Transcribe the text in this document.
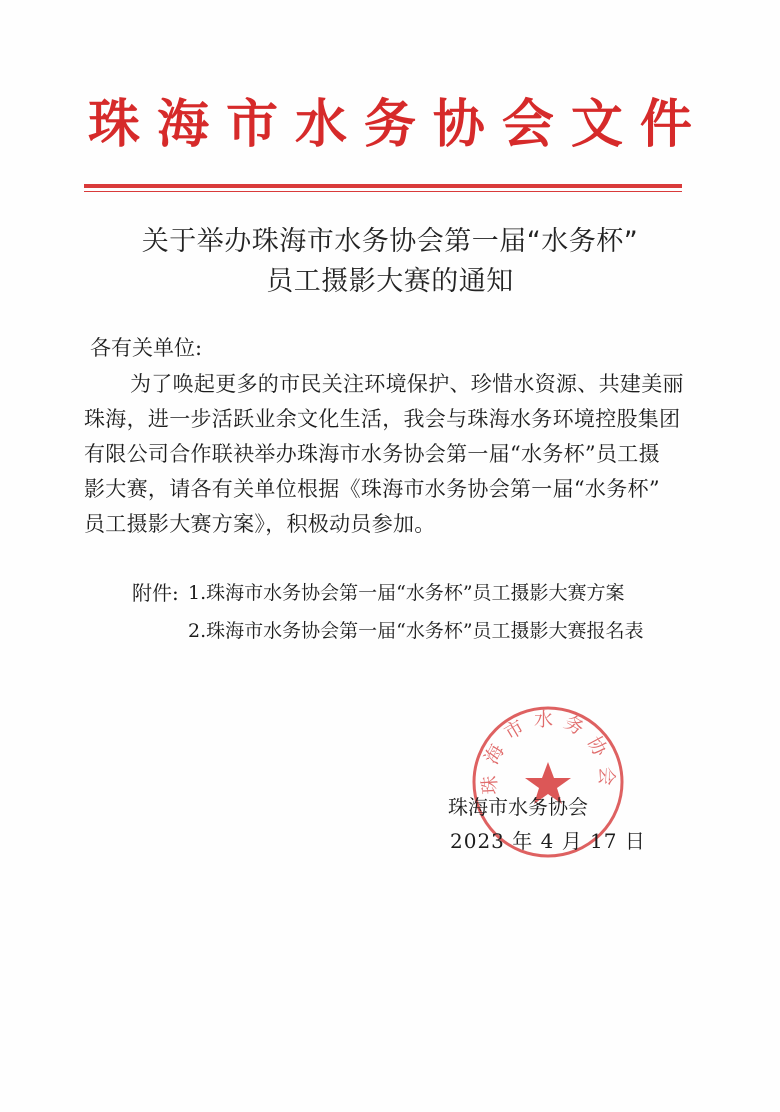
珠 海 市 水 务 协 会 文 件
关于举办珠海市水务协会第一届“水务杯”
员工摄影大赛的通知
各有关单位:
为了唤起更多的市民关注环境保护、珍惜水资源、共建美丽
珠海，进一步活跃业余文化生活，我会与珠海水务环境控股集团
有限公司合作联袂举办珠海市水务协会第一届“水务杯”员工摄
影大赛，请各有关单位根据《珠海市水务协会第一届“水务杯”
员工摄影大赛方案》，积极动员参加。
附件: 1.珠海市水务协会第一届“水务杯”员工摄影大赛方案
2.珠海市水务协会第一届“水务杯”员工摄影大赛报名表
珠海市水务协会
珠海市水务协会
2023 年 4 月 17 日
